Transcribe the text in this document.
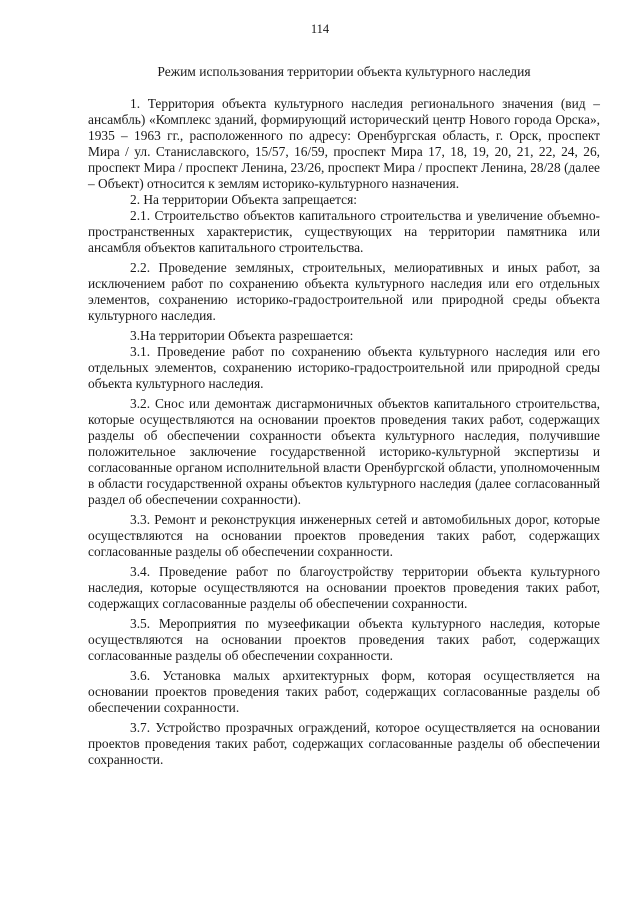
114
Режим использования территории объекта культурного наследия

1. Территория объекта культурного наследия регионального значения (вид – ансамбль) «Комплекс зданий, формирующий исторический центр Нового города Орска», 1935 – 1963 гг., расположенного по адресу: Оренбургская область, г. Орск, проспект Мира / ул. Станиславского, 15/57, 16/59, проспект Мира 17, 18, 19, 20, 21, 22, 24, 26, проспект Мира / проспект Ленина, 23/26, проспект Мира / проспект Ленина, 28/28 (далее – Объект) относится к землям историко-культурного назначения.

2. На территории Объекта запрещается:

2.1. Строительство объектов капитального строительства и увеличение объемно-пространственных характеристик, существующих на территории памятника или ансамбля объектов капитального строительства.

2.2. Проведение земляных, строительных, мелиоративных и иных работ, за исключением работ по сохранению объекта культурного наследия или его отдельных элементов, сохранению историко-градостроительной или природной среды объекта культурного наследия.

3.На территории Объекта разрешается:

3.1. Проведение работ по сохранению объекта культурного наследия или его отдельных элементов, сохранению историко-градостроительной или природной среды объекта культурного наследия.

3.2. Снос или демонтаж дисгармоничных объектов капитального строительства, которые осуществляются на основании проектов проведения таких работ, содержащих разделы об обеспечении сохранности объекта культурного наследия, получившие положительное заключение государственной историко-культурной экспертизы и согласованные органом исполнительной власти Оренбургской области, уполномоченным в области государственной охраны объектов культурного наследия (далее согласованный раздел об обеспечении сохранности).

3.3. Ремонт и реконструкция инженерных сетей и автомобильных дорог, которые осуществляются на основании проектов проведения таких работ, содержащих согласованные разделы об обеспечении сохранности.

3.4. Проведение работ по благоустройству территории объекта культурного наследия, которые осуществляются на основании проектов проведения таких работ, содержащих согласованные разделы об обеспечении сохранности.

3.5. Мероприятия по музеефикации объекта культурного наследия, которые осуществляются на основании проектов проведения таких работ, содержащих согласованные разделы об обеспечении сохранности.

3.6. Установка малых архитектурных форм, которая осуществляется на основании проектов проведения таких работ, содержащих согласованные разделы об обеспечении сохранности.

3.7. Устройство прозрачных ограждений, которое осуществляется на основании проектов проведения таких работ, содержащих согласованные разделы об обеспечении сохранности.
